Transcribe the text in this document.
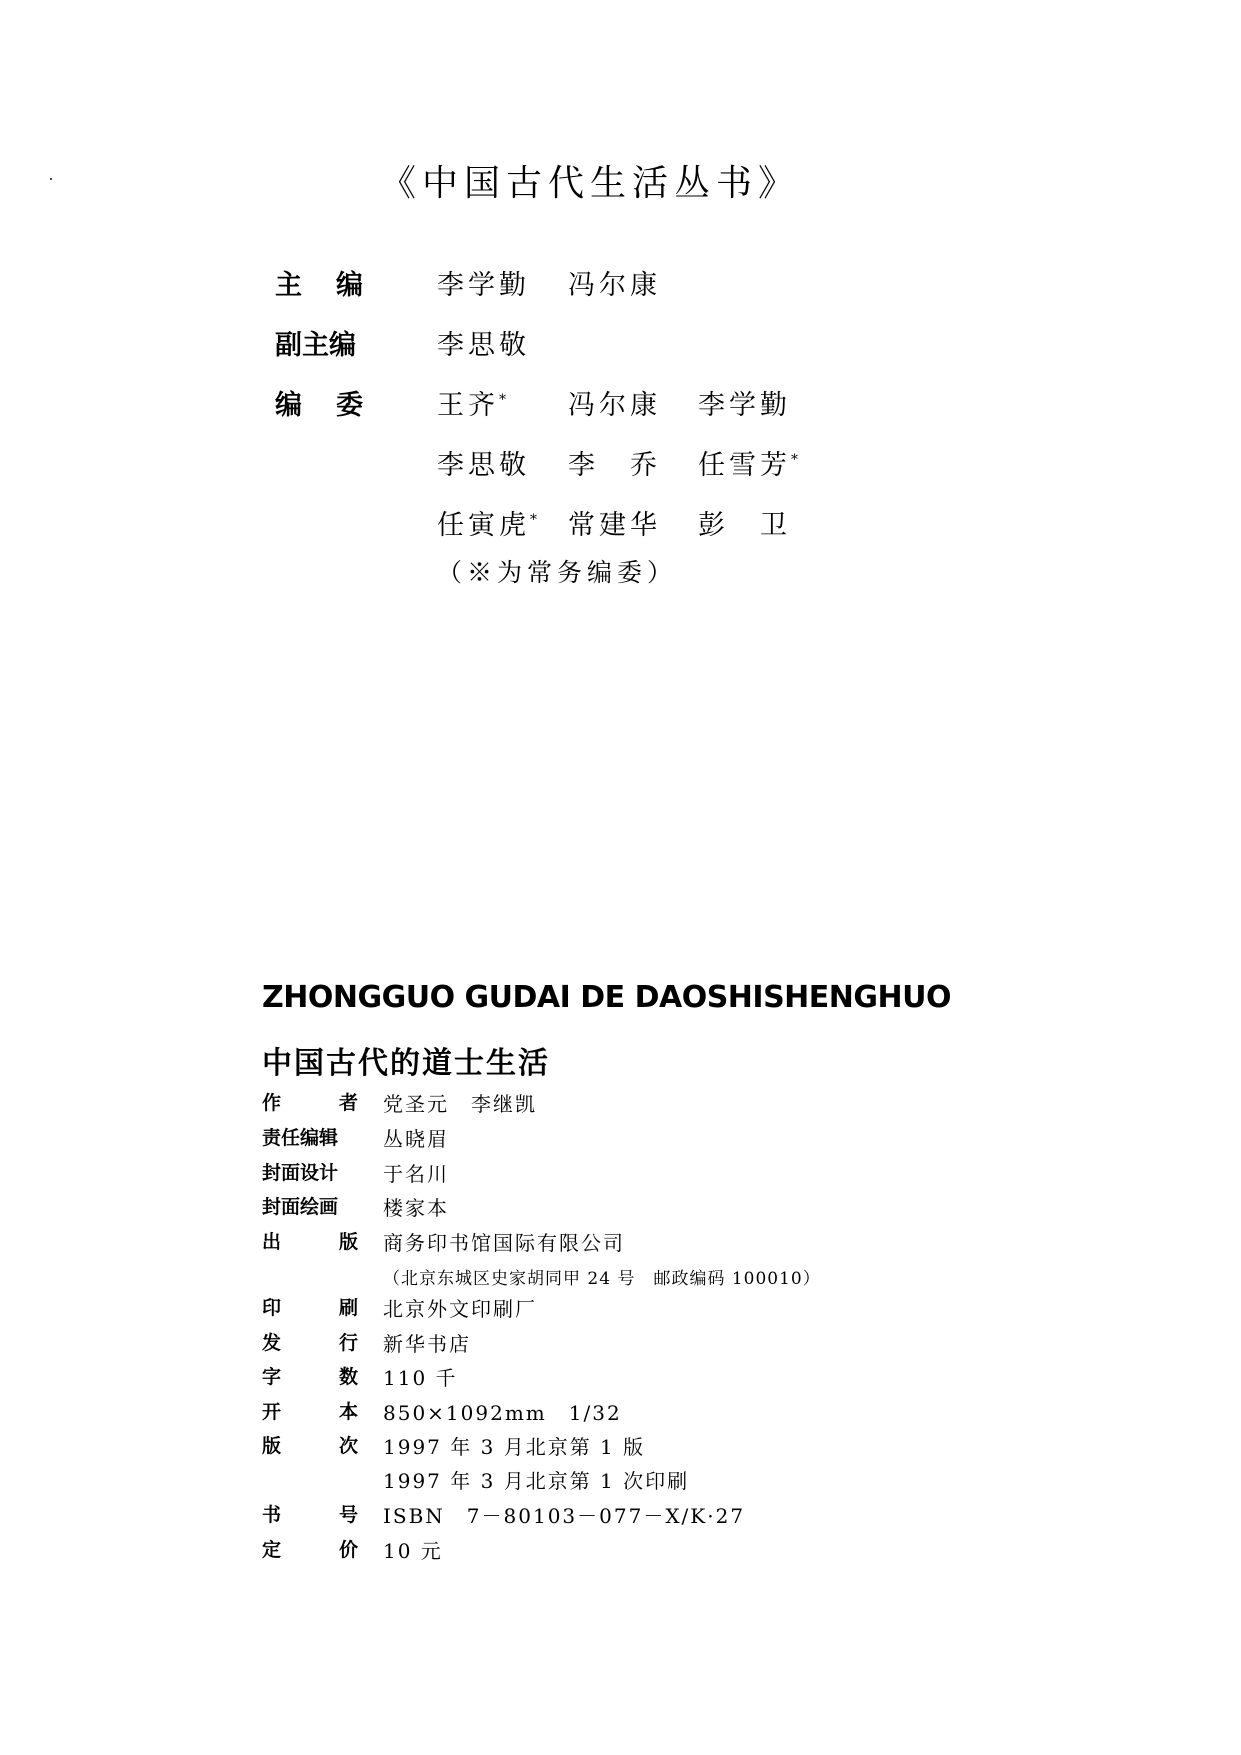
《中国古代生活丛书》
主编 李学勤 冯尔康
副主编	李思敬
编委 王齐* 冯尔康 李学勤
李思敬 李　乔 任雪芳*
任寅虎* 常建华 彭　卫
（※为常务编委）
ZHONGGUO GUDAI DE DAOSHISHENGHUO
中国古代的道士生活
作	者 党圣元　李继凯
责任编辑	丛晓眉
封面设计	于名川
封面绘画	楼家本
出	版 商务印书馆国际有限公司
（北京东城区史家胡同甲 24 号　邮政编码 100010）
印	刷 北京外文印刷厂
发	行 新华书店
字	数 110 千
开	本 850×1092mm　1/32
版	次 1997 年 3 月北京第 1 版
1997 年 3 月北京第 1 次印刷
书	号 ISBN　7－80103－077－X/K·27
定	价 10 元
